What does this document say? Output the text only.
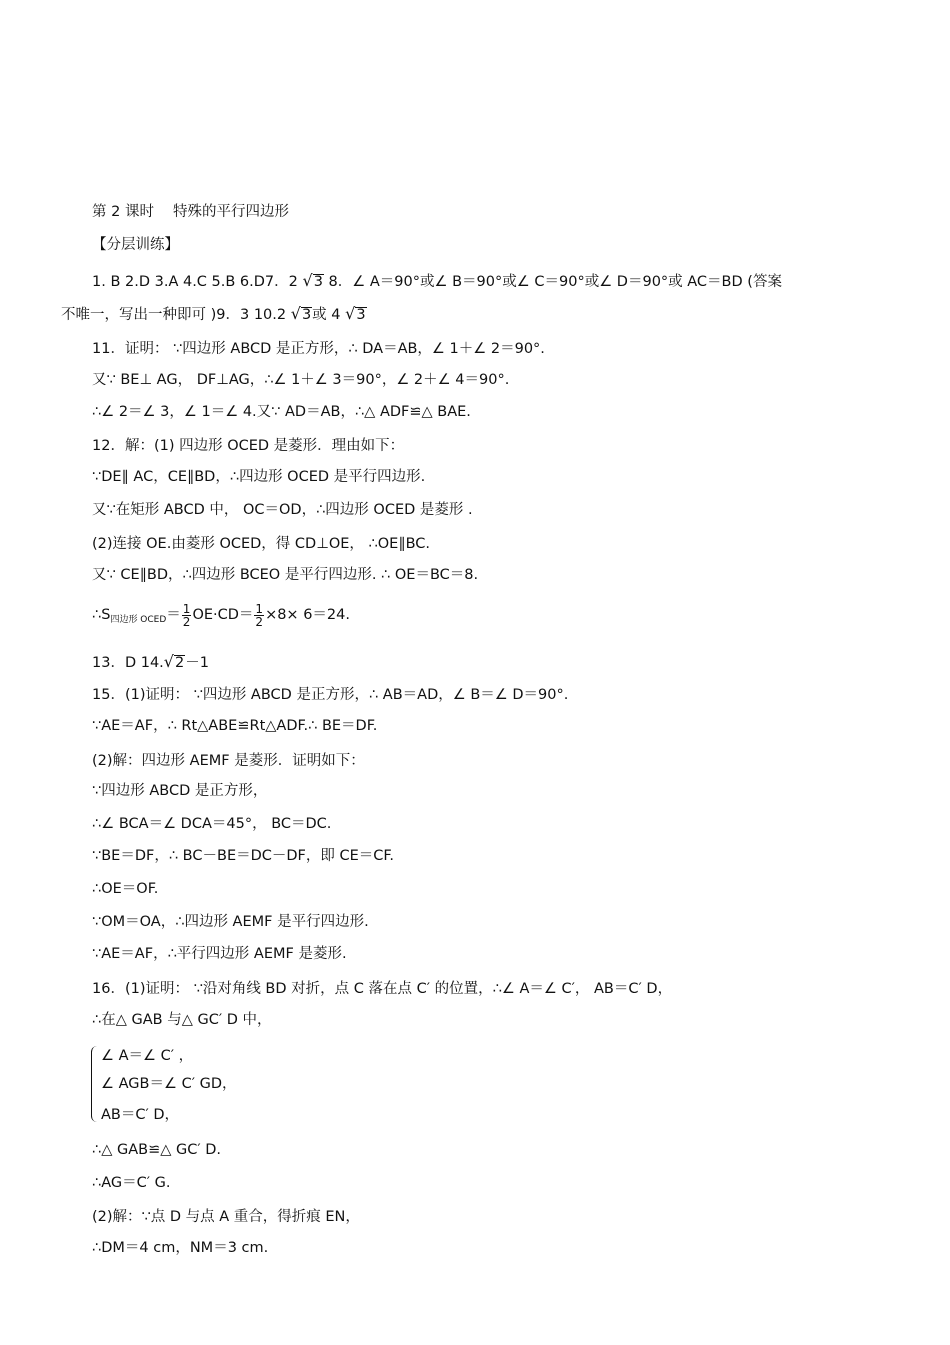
第 2 课时　 特殊的平行四边形
【分层训练】
1. B 2.D 3.A 4.C 5.B 6.D7．2 √3 8．∠ A＝90°或∠ B＝90°或∠ C＝90°或∠ D＝90°或 AC＝BD (答案
不唯一，写出一种即可 )9．3 10.2 √3或 4 √3
11．证明： ∵四边形 ABCD 是正方形，∴ DA＝AB，∠ 1＋∠ 2＝90°.
又∵ BE⊥ AG， DF⊥AG，∴∠ 1＋∠ 3＝90°，∠ 2＋∠ 4＝90°.
∴∠ 2＝∠ 3，∠ 1＝∠ 4.又∵ AD＝AB，∴△ ADF≌△ BAE.
12．解：(1) 四边形 OCED 是菱形．理由如下：
∵DE∥ AC，CE∥BD，∴四边形 OCED 是平行四边形.
又∵在矩形 ABCD 中， OC＝OD，∴四边形 OCED 是菱形 .
(2)连接 OE.由菱形 OCED，得 CD⊥OE， ∴OE∥BC.
又∵ CE∥BD，∴四边形 BCEO 是平行四边形. ∴ OE＝BC＝8.
$\therefore S_{四边形 OCED}= \frac{1}{2} OE\cdot CD= \frac{1}{2} \times 8\times 6=24$.
13．D 14.√2－1
15．(1)证明： ∵四边形 ABCD 是正方形，∴ AB＝AD，∠ B＝∠ D＝90°.
∵AE＝AF，∴ Rt△ABE≌Rt△ADF.∴ BE＝DF.
(2)解：四边形 AEMF 是菱形．证明如下：
∵四边形 ABCD 是正方形，
∴∠ BCA＝∠ DCA＝45°， BC＝DC.
∵BE＝DF，∴ BC－BE＝DC－DF，即 CE＝CF.
∴OE＝OF.
∵OM＝OA，∴四边形 AEMF 是平行四边形.
∵AE＝AF，∴平行四边形 AEMF 是菱形.
16．(1)证明： ∵沿对角线 BD 对折，点 C 落在点 C′ 的位置，∴∠ A＝∠ C′， AB＝C′ D，
∴在△ GAB 与△ GC′ D 中，
∠ A＝∠ C′ ，
∠ AGB＝∠ C′ GD，
AB＝C′ D，
∴△ GAB≌△ GC′ D.
∴AG＝C′ G.
(2)解：∵点 D 与点 A 重合，得折痕 EN，
∴DM＝4 cm，NM＝3 cm.
